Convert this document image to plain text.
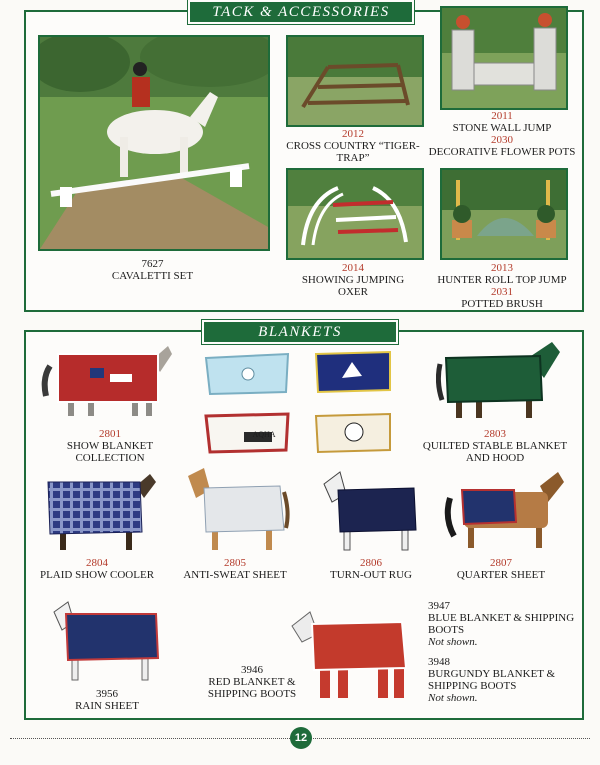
TACK & ACCESSORIES
7627
CAVALETTI SET
2012
CROSS COUNTRY “TIGER-TRAP”
2011
STONE WALL JUMP

2030
DECORATIVE FLOWER POTS
2014
SHOWING JUMPING OXER
2013
HUNTER ROLL TOP JUMP

2031
POTTED BRUSH
BLANKETS
2801
SHOW BLANKET COLLECTION
AQHA	2803
QUILTED STABLE BLANKET AND HOOD
2804
PLAID SHOW COOLER
2805
ANTI-SWEAT SHEET
2806
TURN-OUT RUG
2807
QUARTER SHEET
3956
RAIN SHEET
3946
RED BLANKET & SHIPPING BOOTS
3947
BLUE BLANKET & SHIPPING BOOTS
Not shown.
3948
BURGUNDY BLANKET & SHIPPING BOOTS
Not shown.
12
